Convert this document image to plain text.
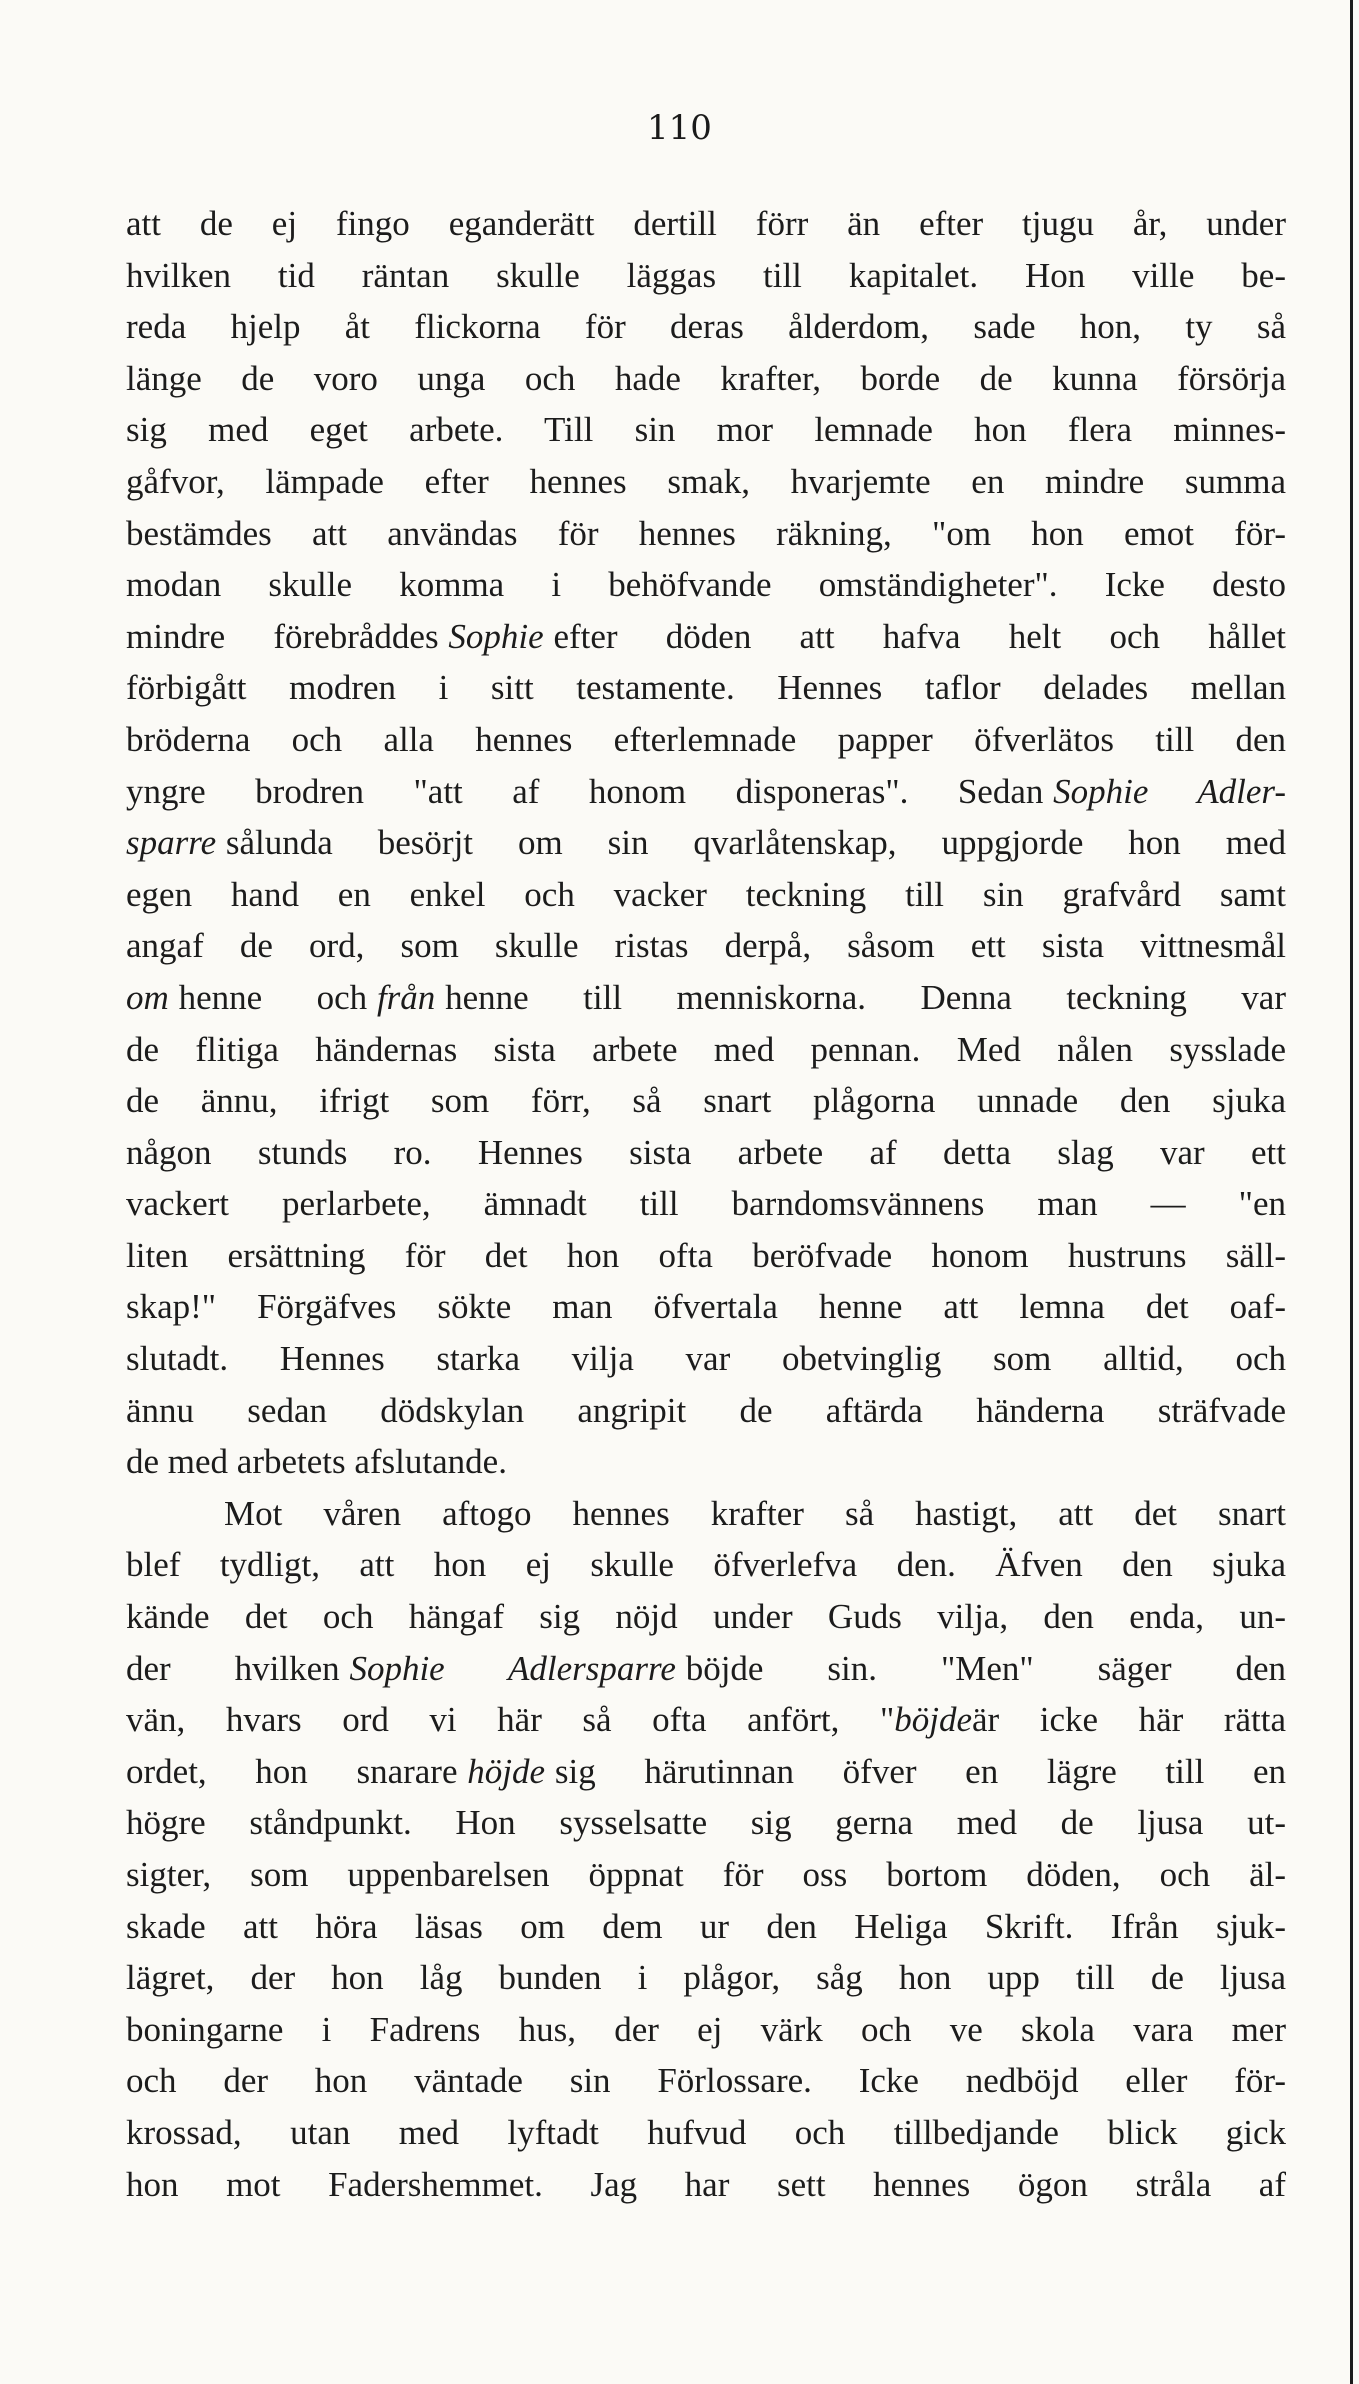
110
att de ej fingo eganderätt dertill förr än efter tjugu år, under
hvilken tid räntan skulle läggas till kapitalet. Hon ville be-
reda hjelp åt flickorna för deras ålderdom, sade hon, ty så
länge de voro unga och hade krafter, borde de kunna försörja
sig med eget arbete. Till sin mor lemnade hon flera minnes-
gåfvor, lämpade efter hennes smak, hvarjemte en mindre summa
bestämdes att användas för hennes räkning, "om hon emot för-
modan skulle komma i behöfvande omständigheter". Icke desto
mindre förebråddes Sophie efter döden att hafva helt och hållet
förbigått modren i sitt testamente. Hennes taflor delades mellan
bröderna och alla hennes efterlemnade papper öfverlätos till den
yngre brodren "att af honom disponeras". Sedan Sophie Adler-
sparre sålunda besörjt om sin qvarlåtenskap, uppgjorde hon med
egen hand en enkel och vacker teckning till sin grafvård samt
angaf de ord, som skulle ristas derpå, såsom ett sista vittnesmål
om henne och från henne till menniskorna. Denna teckning var
de flitiga händernas sista arbete med pennan. Med nålen sysslade
de ännu, ifrigt som förr, så snart plågorna unnade den sjuka
någon stunds ro. Hennes sista arbete af detta slag var ett
vackert perlarbete, ämnadt till barndomsvännens man — "en
liten ersättning för det hon ofta beröfvade honom hustruns säll-
skap!" Förgäfves sökte man öfvertala henne att lemna det oaf-
slutadt. Hennes starka vilja var obetvinglig som alltid, och
ännu sedan dödskylan angripit de aftärda händerna sträfvade
de med arbetets afslutande.
Mot våren aftogo hennes krafter så hastigt, att det snart
blef tydligt, att hon ej skulle öfverlefva den. Äfven den sjuka
kände det och hängaf sig nöjd under Guds vilja, den enda, un-
der hvilken Sophie Adlersparre böjde sin. "Men" säger den
vän, hvars ord vi här så ofta anfört, "böjdeär icke här rätta
ordet, hon snarare höjde sig härutinnan öfver en lägre till en
högre ståndpunkt. Hon sysselsatte sig gerna med de ljusa ut-
sigter, som uppenbarelsen öppnat för oss bortom döden, och äl-
skade att höra läsas om dem ur den Heliga Skrift. Ifrån sjuk-
lägret, der hon låg bunden i plågor, såg hon upp till de ljusa
boningarne i Fadrens hus, der ej värk och ve skola vara mer
och der hon väntade sin Förlossare. Icke nedböjd eller för-
krossad, utan med lyftadt hufvud och tillbedjande blick gick
hon mot Fadershemmet. Jag har sett hennes ögon stråla af
